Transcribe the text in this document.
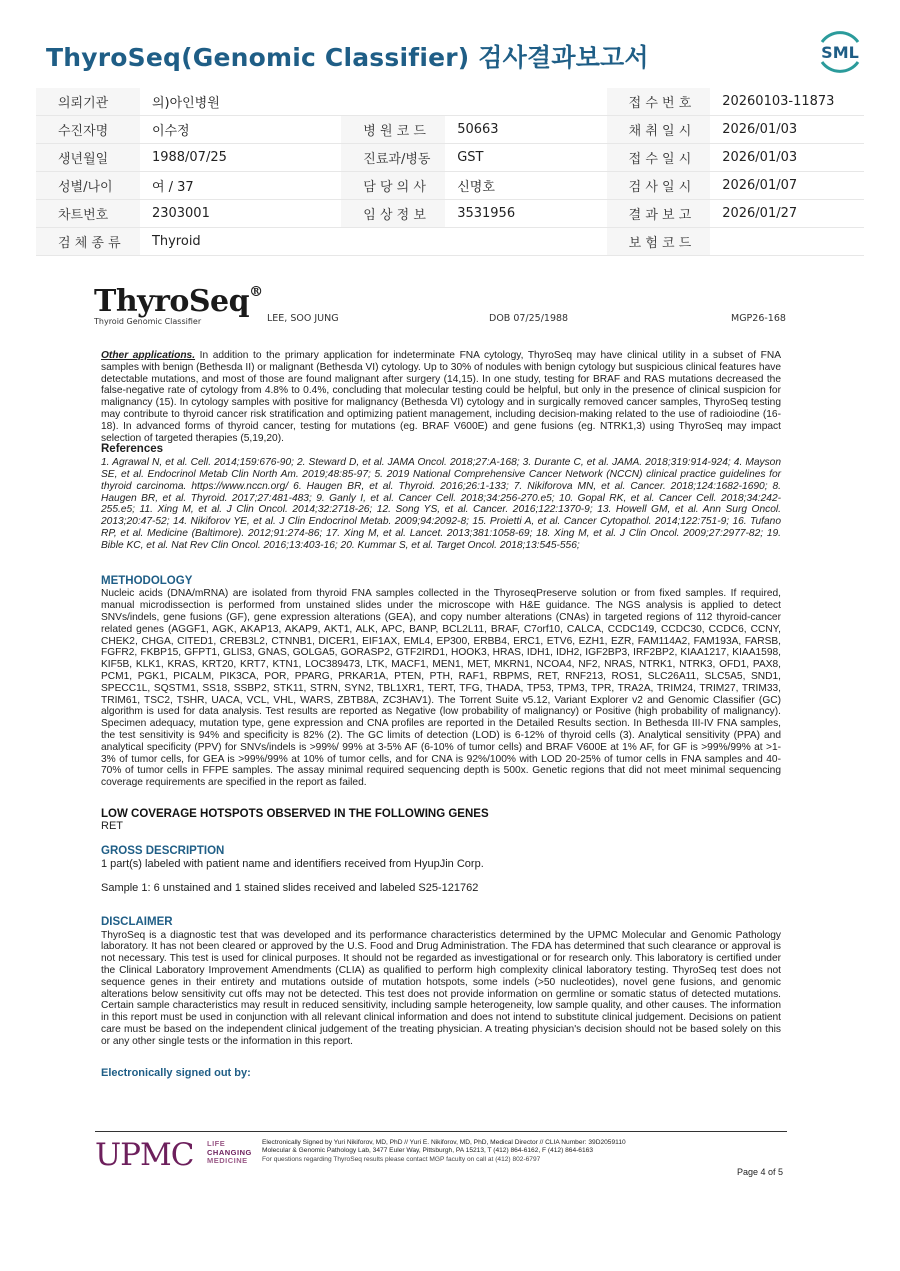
ThyroSeq(Genomic Classifier) 검사결과보고서	SML
의뢰기관	의)아인병원			접 수 번 호	20260103-11873
수진자명	이수정	병 원 코 드	50663	채 취 일 시	2026/01/03
생년월일	1988/07/25	진료과/병동	GST	접 수 일 시	2026/01/03
성별/나이	여 / 37	담 당 의 사	신명호	검 사 일 시	2026/01/07
차트번호	2303001	임 상 정 보	3531956	결 과 보 고	2026/01/27
검 체 종 류	Thyroid			보 험 코 드	
ThyroSeq®
Thyroid Genomic Classifier	LEE, SOO JUNG	DOB 07/25/1988	MGP26-168

Other applications. In addition to the primary application for indeterminate FNA cytology, ThyroSeq may have clinical utility in a subset of FNA samples with benign (Bethesda II) or malignant (Bethesda VI) cytology. Up to 30% of nodules with benign cytology but suspicious clinical features have detectable mutations, and most of those are found malignant after surgery (14,15). In one study, testing for BRAF and RAS mutations decreased the false-negative rate of cytology from 4.8% to 0.4%, concluding that molecular testing could be helpful, but only in the presence of clinical suspicion for malignancy (15). In cytology samples with positive for malignancy (Bethesda VI) cytology and in surgically removed cancer samples, ThyroSeq testing may contribute to thyroid cancer risk stratification and optimizing patient management, including decision-making related to the use of radioiodine (16-18). In advanced forms of thyroid cancer, testing for mutations (eg. BRAF V600E) and gene fusions (eg. NTRK1,3) using ThyroSeq may impact selection of targeted therapies (5,19,20).

References

1. Agrawal N, et al. Cell. 2014;159:676-90; 2. Steward D, et al. JAMA Oncol. 2018;27:A-168; 3. Durante C, et al. JAMA. 2018;319:914-924; 4. Mayson SE, et al. Endocrinol Metab Clin North Am. 2019;48:85-97; 5. 2019 National Comprehensive Cancer Network (NCCN) clinical practice guidelines for thyroid carcinoma. https://www.nccn.org/ 6. Haugen BR, et al. Thyroid. 2016;26:1-133; 7. Nikiforova MN, et al. Cancer. 2018;124:1682-1690; 8. Haugen BR, et al. Thyroid. 2017;27:481-483; 9. Ganly I, et al. Cancer Cell. 2018;34:256-270.e5; 10. Gopal RK, et al. Cancer Cell. 2018;34:242-255.e5; 11. Xing M, et al. J Clin Oncol. 2014;32:2718-26; 12. Song YS, et al. Cancer. 2016;122:1370-9; 13. Howell GM, et al. Ann Surg Oncol. 2013;20:47-52; 14. Nikiforov YE, et al. J Clin Endocrinol Metab. 2009;94:2092-8; 15. Proietti A, et al. Cancer Cytopathol. 2014;122:751-9; 16. Tufano RP, et al. Medicine (Baltimore). 2012;91:274-86; 17. Xing M, et al. Lancet. 2013;381:1058-69; 18. Xing M, et al. J Clin Oncol. 2009;27:2977-82; 19. Bible KC, et al. Nat Rev Clin Oncol. 2016;13:403-16; 20. Kummar S, et al. Target Oncol. 2018;13:545-556;

METHODOLOGY

Nucleic acids (DNA/mRNA) are isolated from thyroid FNA samples collected in the ThyroseqPreserve solution or from fixed samples. If required, manual microdissection is performed from unstained slides under the microscope with H&E guidance. The NGS analysis is applied to detect SNVs/indels, gene fusions (GF), gene expression alterations (GEA), and copy number alterations (CNAs) in targeted regions of 112 thyroid-cancer related genes (AGGF1, AGK, AKAP13, AKAP9, AKT1, ALK, APC, BANP, BCL2L11, BRAF, C7orf10, CALCA, CCDC149, CCDC30, CCDC6, CCNY, CHEK2, CHGA, CITED1, CREB3L2, CTNNB1, DICER1, EIF1AX, EML4, EP300, ERBB4, ERC1, ETV6, EZH1, EZR, FAM114A2, FAM193A, FARSB, FGFR2, FKBP15, GFPT1, GLIS3, GNAS, GOLGA5, GORASP2, GTF2IRD1, HOOK3, HRAS, IDH1, IDH2, IGF2BP3, IRF2BP2, KIAA1217, KIAA1598, KIF5B, KLK1, KRAS, KRT20, KRT7, KTN1, LOC389473, LTK, MACF1, MEN1, MET, MKRN1, NCOA4, NF2, NRAS, NTRK1, NTRK3, OFD1, PAX8, PCM1, PGK1, PICALM, PIK3CA, POR, PPARG, PRKAR1A, PTEN, PTH, RAF1, RBPMS, RET, RNF213, ROS1, SLC26A11, SLC5A5, SND1, SPECC1L, SQSTM1, SS18, SSBP2, STK11, STRN, SYN2, TBL1XR1, TERT, TFG, THADA, TP53, TPM3, TPR, TRA2A, TRIM24, TRIM27, TRIM33, TRIM61, TSC2, TSHR, UACA, VCL, VHL, WARS, ZBTB8A, ZC3HAV1). The Torrent Suite v5.12, Variant Explorer v2 and Genomic Classifier (GC) algorithm is used for data analysis. Test results are reported as Negative (low probability of malignancy) or Positive (high probability of malignancy). Specimen adequacy, mutation type, gene expression and CNA profiles are reported in the Detailed Results section. In Bethesda III-IV FNA samples, the test sensitivity is 94% and specificity is 82% (2). The GC limits of detection (LOD) is 6-12% of thyroid cells (3). Analytical sensitivity (PPA) and analytical specificity (PPV) for SNVs/indels is >99%/ 99% at 3-5% AF (6-10% of tumor cells) and BRAF V600E at 1% AF, for GF is >99%/99% at >1-3% of tumor cells, for GEA is >99%/99% at 10% of tumor cells, and for CNA is 92%/100% with LOD 20-25% of tumor cells in FNA samples and 40-70% of tumor cells in FFPE samples. The assay minimal required sequencing depth is 500x. Genetic regions that did not meet minimal sequencing coverage requirements are specified in the report as failed.

LOW COVERAGE HOTSPOTS OBSERVED IN THE FOLLOWING GENES
RET
GROSS DESCRIPTION
1 part(s) labeled with patient name and identifiers received from HyupJin Corp.
Sample 1: 6 unstained and 1 stained slides received and labeled S25-121762
DISCLAIMER

ThyroSeq is a diagnostic test that was developed and its performance characteristics determined by the UPMC Molecular and Genomic Pathology laboratory. It has not been cleared or approved by the U.S. Food and Drug Administration. The FDA has determined that such clearance or approval is not necessary. This test is used for clinical purposes. It should not be regarded as investigational or for research only. This laboratory is certified under the Clinical Laboratory Improvement Amendments (CLIA) as qualified to perform high complexity clinical laboratory testing. ThyroSeq test does not sequence genes in their entirety and mutations outside of mutation hotspots, some indels (>50 nucleotides), novel gene fusions, and genomic alterations below sensitivity cut offs may not be detected. This test does not provide information on germline or somatic status of detected mutations. Certain sample characteristics may result in reduced sensitivity, including sample heterogeneity, low sample quality, and other causes. The information in this report must be used in conjunction with all relevant clinical information and does not intend to substitute clinical judgement. Decisions on patient care must be based on the independent clinical judgement of the treating physician. A treating physician's decision should not be based solely on this or any other single tests or the information in this report.

Electronically signed out by:
UPMC LIFE
CHANGING
MEDICINE
Electronically Signed by Yuri Nikiforov, MD, PhD // Yuri E. Nikiforov, MD, PhD, Medical Director // CLIA Number: 39D2059110
Molecular & Genomic Pathology Lab, 3477 Euler Way, Pittsburgh, PA 15213, T (412) 864-6162, F (412) 864-6163
For questions regarding ThyroSeq results please contact MGP faculty on call at (412) 802-6797
Page 4 of 5
